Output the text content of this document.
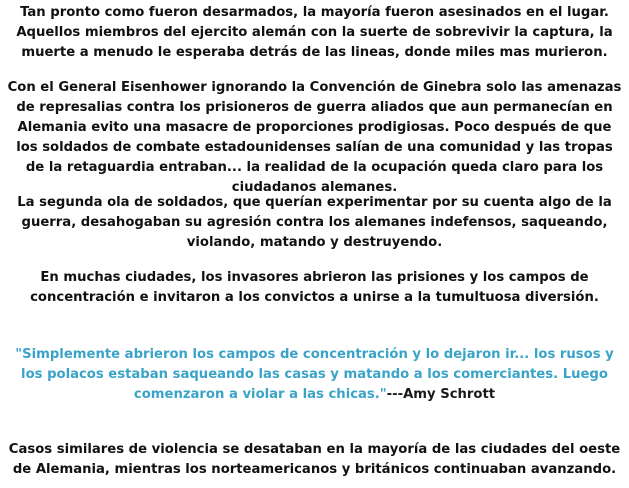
Tan pronto como fueron desarmados, la mayoría fueron asesinados en el lugar. Aquellos miembros del ejercito alemán con la suerte de sobrevivir la captura, la muerte a menudo le esperaba detrás de las lineas, donde miles mas murieron.

Con el General Eisenhower ignorando la Convención de Ginebra solo las amenazas de represalias contra los prisioneros de guerra aliados que aun permanecían en Alemania evito una masacre de proporciones prodigiosas. Poco después de que los soldados de combate estadounidenses salían de una comunidad y las tropas de la retaguardia entraban... la realidad de la ocupación queda claro para los ciudadanos alemanes.

La segunda ola de soldados, que querían experimentar por su cuenta algo de la guerra, desahogaban su agresión contra los alemanes indefensos, saqueando, violando, matando y destruyendo.

En muchas ciudades, los invasores abrieron las prisiones y los campos de concentración e invitaron a los convictos a unirse a la tumultuosa diversión.

"Simplemente abrieron los campos de concentración y lo dejaron ir... los rusos y los polacos estaban saqueando las casas y matando a los comerciantes. Luego comenzaron a violar a las chicas."---Amy Schrott

Casos similares de violencia se desataban en la mayoría de las ciudades del oeste de Alemania, mientras los norteamericanos y británicos continuaban avanzando.
